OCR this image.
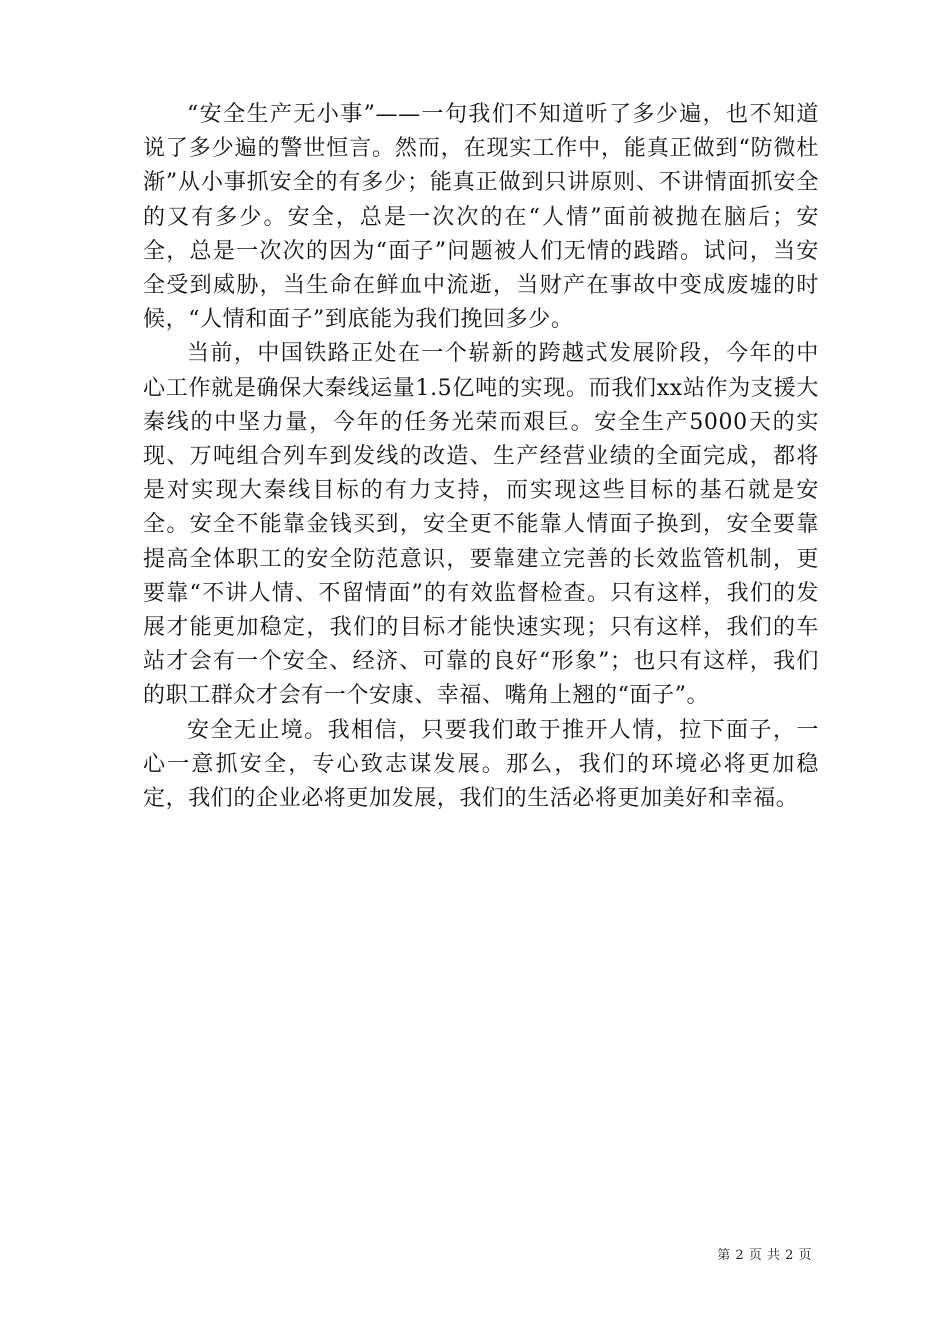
“安全生产无小事”——一句我们不知道听了多少遍，也不知道说了多少遍的警世恒言。然而，在现实工作中，能真正做到“防微杜渐”从小事抓安全的有多少；能真正做到只讲原则、不讲情面抓安全的又有多少。安全，总是一次次的在“人情”面前被抛在脑后；安全，总是一次次的因为“面子”问题被人们无情的践踏。试问，当安全受到威胁，当生命在鲜血中流逝，当财产在事故中变成废墟的时候，“人情和面子”到底能为我们挽回多少。

当前，中国铁路正处在一个崭新的跨越式发展阶段，今年的中心工作就是确保大秦线运量1.5亿吨的实现。而我们xx站作为支援大秦线的中坚力量，今年的任务光荣而艰巨。安全生产5000天的实现、万吨组合列车到发线的改造、生产经营业绩的全面完成，都将是对实现大秦线目标的有力支持，而实现这些目标的基石就是安全。安全不能靠金钱买到，安全更不能靠人情面子换到，安全要靠提高全体职工的安全防范意识，要靠建立完善的长效监管机制，更要靠“不讲人情、不留情面”的有效监督检查。只有这样，我们的发展才能更加稳定，我们的目标才能快速实现；只有这样，我们的车站才会有一个安全、经济、可靠的良好“形象”；也只有这样，我们的职工群众才会有一个安康、幸福、嘴角上翘的“面子”。

安全无止境。我相信，只要我们敢于推开人情，拉下面子，一心一意抓安全，专心致志谋发展。那么，我们的环境必将更加稳定，我们的企业必将更加发展，我们的生活必将更加美好和幸福。

第 2 页 共 2 页
